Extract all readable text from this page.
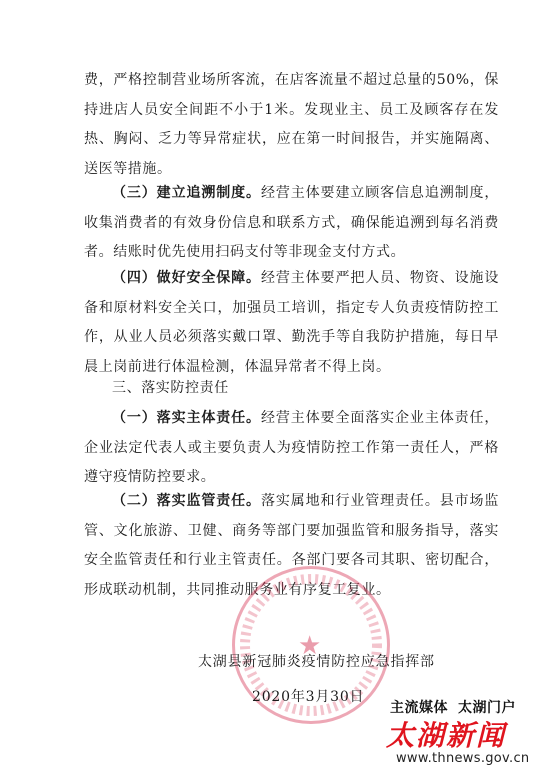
费，严格控制营业场所客流，在店客流量不超过总量的50%，保持进店人员安全间距不小于1米。发现业主、员工及顾客存在发热、胸闷、乏力等异常症状，应在第一时间报告，并实施隔离、送医等措施。

（三）建立追溯制度。经营主体要建立顾客信息追溯制度，收集消费者的有效身份信息和联系方式，确保能追溯到每名消费者。结账时优先使用扫码支付等非现金支付方式。

（四）做好安全保障。经营主体要严把人员、物资、设施设备和原材料安全关口，加强员工培训，指定专人负责疫情防控工作，从业人员必须落实戴口罩、勤洗手等自我防护措施，每日早晨上岗前进行体温检测，体温异常者不得上岗。

三、落实防控责任

（一）落实主体责任。经营主体要全面落实企业主体责任，企业法定代表人或主要负责人为疫情防控工作第一责任人，严格遵守疫情防控要求。

（二）落实监管责任。落实属地和行业管理责任。县市场监管、文化旅游、卫健、商务等部门要加强监管和服务指导，落实安全监管责任和行业主管责任。各部门要各司其职、密切配合，形成联动机制，共同推动服务业有序复工复业。

★

太湖县新冠肺炎疫情防控应急指挥部

2020年3月30日

主流媒体 太湖门户
太湖新闻
www.thnews.gov.cn
